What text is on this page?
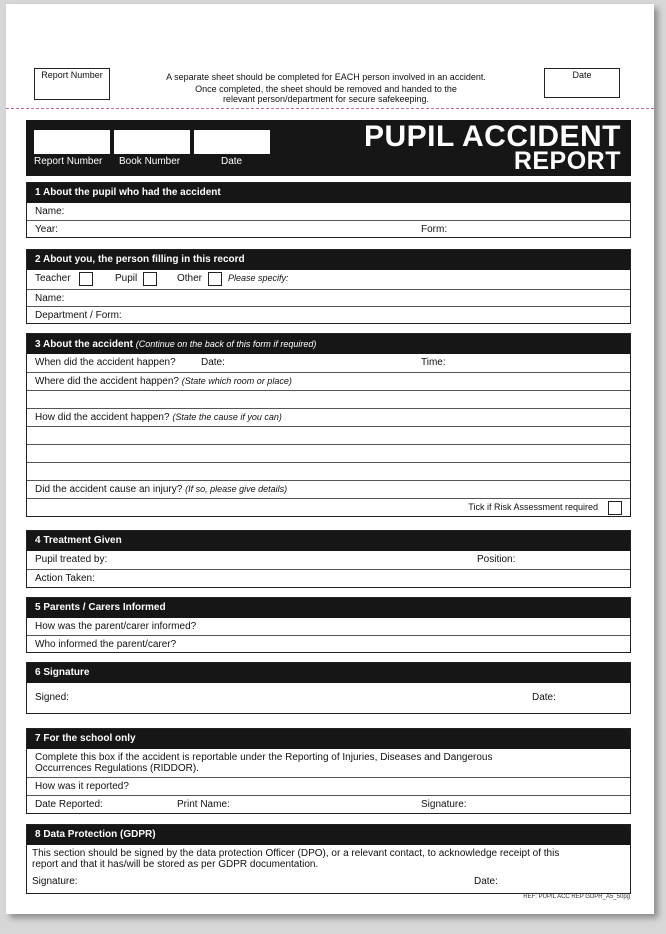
Report Number	A separate sheet should be completed for EACH person involved in an accident.
Once completed, the sheet should be removed and handed to the
relevant person/department for secure safekeeping.
Date
Report Number Book Number	Date
PUPIL ACCIDENT
REPORT
1 About the pupil who had the accident
Name:
Year:	Form:
2 About you, the person filling in this record
Teacher	Pupil	Other	Please specify:
Name:
Department / Form:
3 About the accident (Continue on the back of this form if required)
When did the accident happen?	Date:	Time:
Where did the accident happen? (State which room or place)
How did the accident happen? (State the cause if you can)
Did the accident cause an injury? (If so, please give details)
Tick if Risk Assessment required
4 Treatment Given
Pupil treated by:	Position:
Action Taken:
5 Parents / Carers Informed
How was the parent/carer informed?
Who informed the parent/carer?
6 Signature
Signed:	Date:
7 For the school only
Complete this box if the accident is reportable under the Reporting of Injuries, Diseases and Dangerous
Occurrences Regulations (RIDDOR).
How was it reported?
Date Reported:	Print Name:	Signature:
8 Data Protection (GDPR)
This section should be signed by the data protection Officer (DPO), or a relevant contact, to acknowledge receipt of this
report and that it has/will be stored as per GDPR documentation.
Signature:	Date:
REF: PUPIL ACC REP GDPR_A5_50pg
